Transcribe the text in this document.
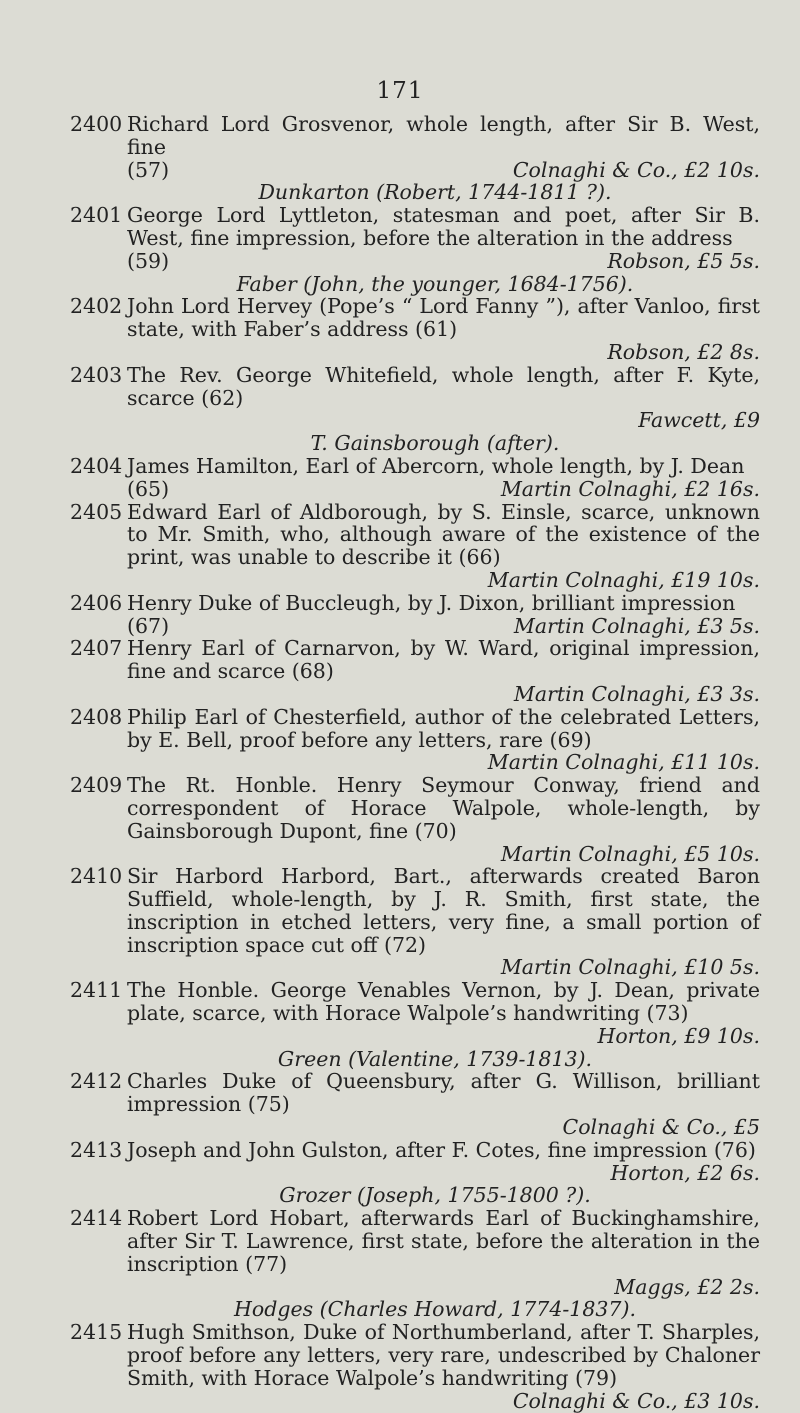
171
2400 Richard Lord Grosvenor, whole length, after Sir B. West, fine
(57)	Colnaghi & Co., £2 10s.
Dunkarton (Robert, 1744-1811 ?).
2401 George Lord Lyttleton, statesman and poet, after Sir B. West, fine impression, before the alteration in the address
(59)	Robson, £5 5s.
Faber (John, the younger, 1684-1756).
2402 John Lord Hervey (Pope’s “ Lord Fanny ”), after Vanloo, first state, with Faber’s address (61)
Robson, £2 8s.
2403 The Rev. George Whitefield, whole length, after F. Kyte, scarce (62)
Fawcett, £9
T. Gainsborough (after).
2404 James Hamilton, Earl of Abercorn, whole length, by J. Dean
(65)	Martin Colnaghi, £2 16s.
2405 Edward Earl of Aldborough, by S. Einsle, scarce, unknown to Mr. Smith, who, although aware of the existence of the print, was unable to describe it (66)
Martin Colnaghi, £19 10s.
2406 Henry Duke of Buccleugh, by J. Dixon, brilliant impression
(67)	Martin Colnaghi, £3 5s.
2407 Henry Earl of Carnarvon, by W. Ward, original impression, fine and scarce (68)
Martin Colnaghi, £3 3s.
2408 Philip Earl of Chesterfield, author of the celebrated Letters, by E. Bell, proof before any letters, rare (69)
Martin Colnaghi, £11 10s.
2409 The Rt. Honble. Henry Seymour Conway, friend and correspondent of Horace Walpole, whole-length, by Gainsborough Dupont, fine (70)
Martin Colnaghi, £5 10s.
2410 Sir Harbord Harbord, Bart., afterwards created Baron Suffield, whole-length, by J. R. Smith, first state, the inscription in etched letters, very fine, a small portion of inscription space cut off (72)
Martin Colnaghi, £10 5s.
2411 The Honble. George Venables Vernon, by J. Dean, private plate, scarce, with Horace Walpole’s handwriting (73)
Horton, £9 10s.
Green (Valentine, 1739-1813).
2412 Charles Duke of Queensbury, after G. Willison, brilliant impression (75)
Colnaghi & Co., £5
2413 Joseph and John Gulston, after F. Cotes, fine impression (76)
Horton, £2 6s.
Grozer (Joseph, 1755-1800 ?).
2414 Robert Lord Hobart, afterwards Earl of Buckinghamshire, after Sir T. Lawrence, first state, before the alteration in the inscription (77)
Maggs, £2 2s.
Hodges (Charles Howard, 1774-1837).
2415 Hugh Smithson, Duke of Northumberland, after T. Sharples, proof before any letters, very rare, undescribed by Chaloner Smith, with Horace Walpole’s handwriting (79)
Colnaghi & Co., £3 10s.
